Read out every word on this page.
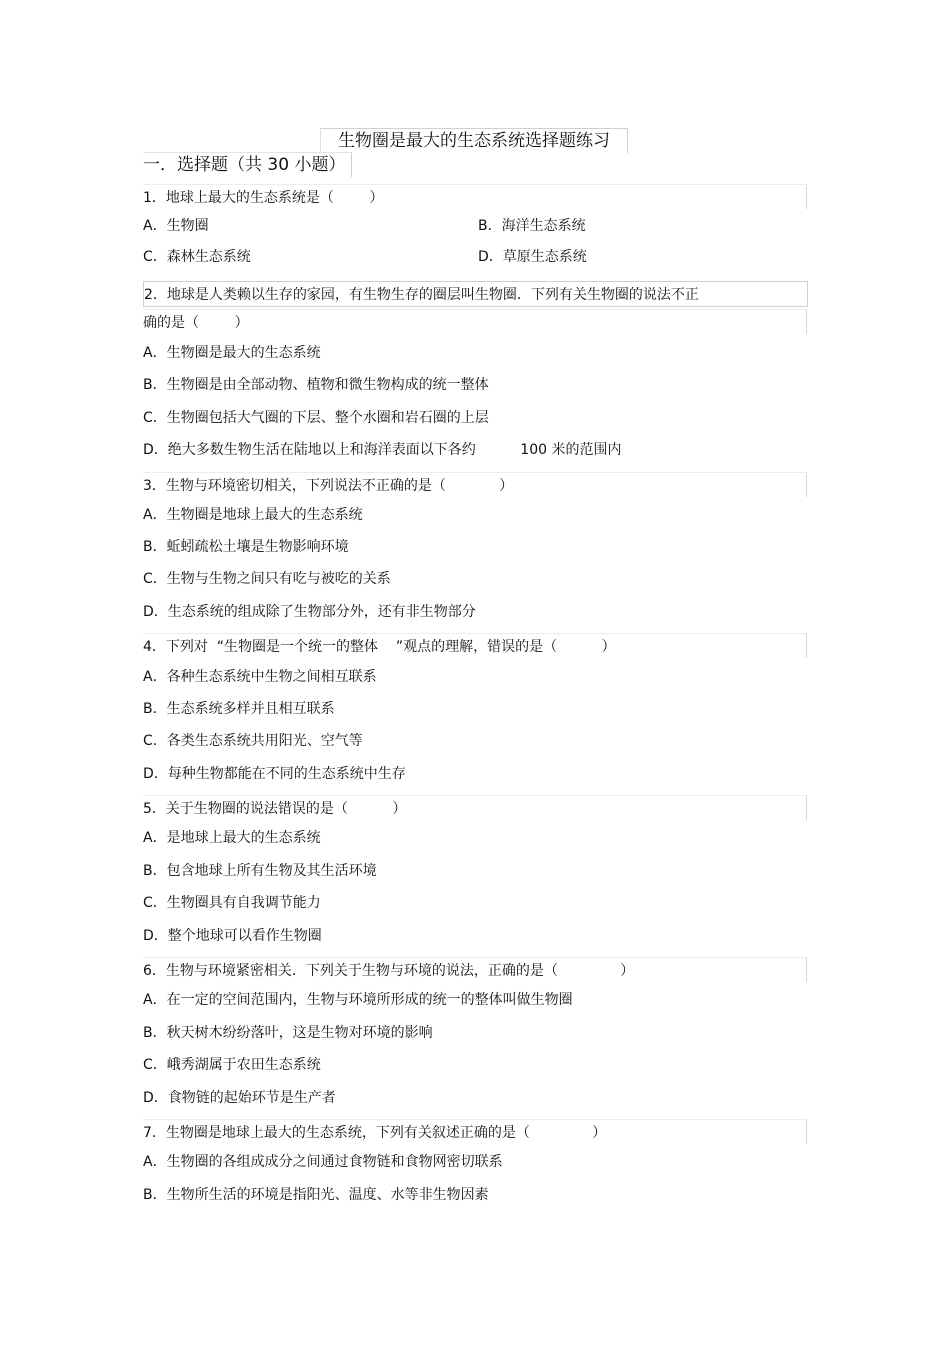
生物圈是最大的生态系统选择题练习
一．选择题（共 30 小题）
1．地球上最大的生态系统是（        ）
A．生物圈	B．海洋生态系统
C．森林生态系统	D．草原生态系统
2．地球是人类赖以生存的家园，有生物生存的圈层叫生物圈．下列有关生物圈的说法不正
确的是（        ）
A．生物圈是最大的生态系统
B．生物圈是由全部动物、植物和微生物构成的统一整体
C．生物圈包括大气圈的下层、整个水圈和岩石圈的上层
D．绝大多数生物生活在陆地以上和海洋表面以下各约          100 米的范围内
3．生物与环境密切相关，下列说法不正确的是（            ）
A．生物圈是地球上最大的生态系统
B．蚯蚓疏松土壤是生物影响环境
C．生物与生物之间只有吃与被吃的关系
D．生态系统的组成除了生物部分外，还有非生物部分
4．下列对  “生物圈是一个统一的整体    ”观点的理解，错误的是（          ）
A．各种生态系统中生物之间相互联系
B．生态系统多样并且相互联系
C．各类生态系统共用阳光、空气等
D．每种生物都能在不同的生态系统中生存
5．关于生物圈的说法错误的是（          ）
A．是地球上最大的生态系统
B．包含地球上所有生物及其生活环境
C．生物圈具有自我调节能力
D．整个地球可以看作生物圈
6．生物与环境紧密相关．下列关于生物与环境的说法，正确的是（              ）
A．在一定的空间范围内，生物与环境所形成的统一的整体叫做生物圈
B．秋天树木纷纷落叶，这是生物对环境的影响
C．峨秀湖属于农田生态系统
D．食物链的起始环节是生产者
7．生物圈是地球上最大的生态系统，下列有关叙述正确的是（              ）
A．生物圈的各组成成分之间通过食物链和食物网密切联系
B．生物所生活的环境是指阳光、温度、水等非生物因素
